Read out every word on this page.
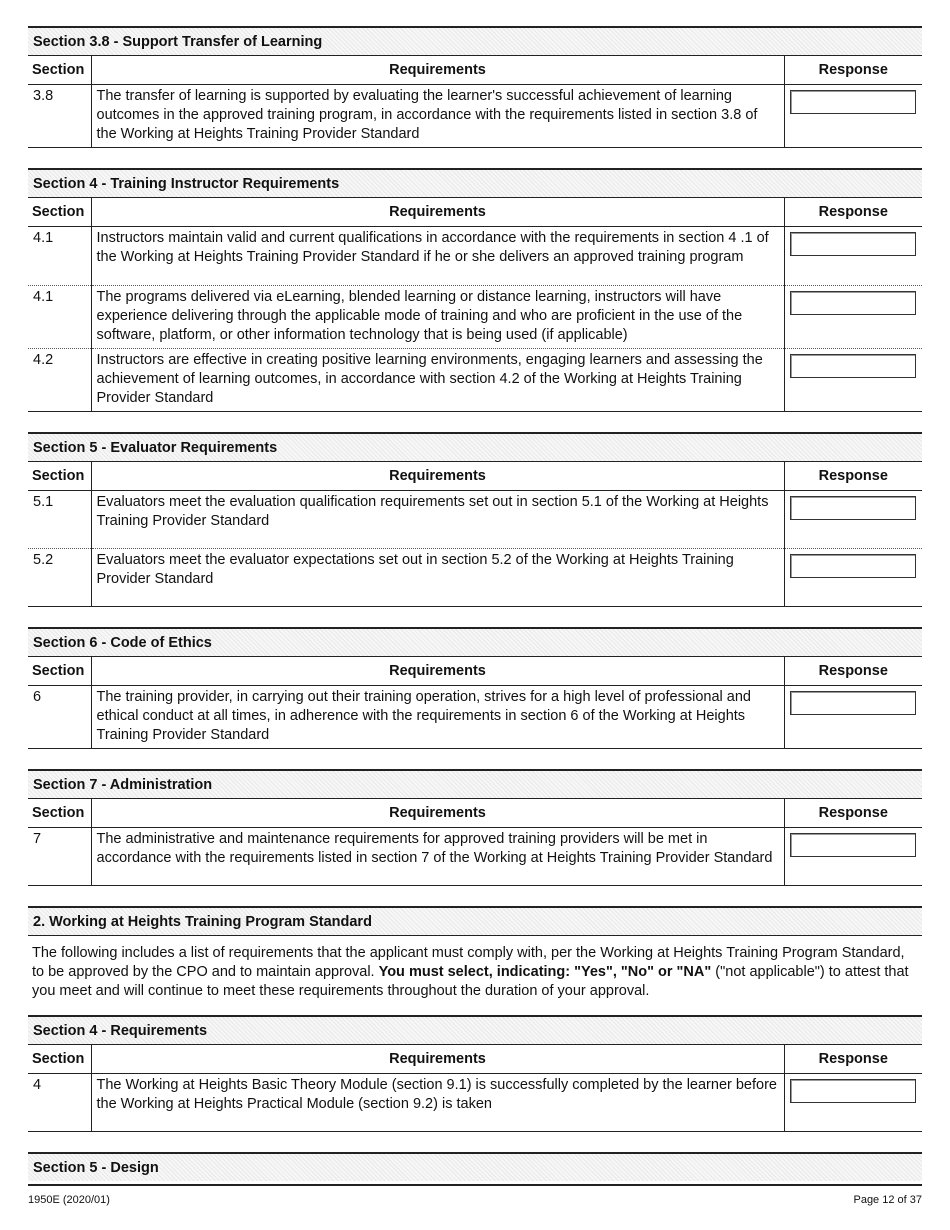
Section 3.8 - Support Transfer of Learning
Section	Requirements	Response
3.8	The transfer of learning is supported by evaluating the learner's successful achievement of learning outcomes in the approved training program, in accordance with the requirements listed in section 3.8 of the Working at Heights Training Provider Standard	
Section 4 - Training Instructor Requirements
Section	Requirements	Response
4.1	Instructors maintain valid and current qualifications in accordance with the requirements in section 4 .1 of the Working at Heights Training Provider Standard if he or she delivers an approved training program	

4.1	The programs delivered via eLearning, blended learning or distance learning, instructors will have experience delivering through the applicable mode of training and who are proficient in the use of the software, platform, or other information technology that is being used (if applicable)	

4.2	Instructors are effective in creating positive learning environments, engaging learners and assessing the achievement of learning outcomes, in accordance with section 4.2 of the Working at Heights Training Provider Standard	
Section 5 - Evaluator Requirements
Section	Requirements	Response
5.1	Evaluators meet the evaluation qualification requirements set out in section 5.1 of the Working at Heights Training Provider Standard	

5.2	Evaluators meet the evaluator expectations set out in section 5.2 of the Working at Heights Training Provider Standard	
Section 6 - Code of Ethics
Section	Requirements	Response
6	The training provider, in carrying out their training operation, strives for a high level of professional and ethical conduct at all times, in adherence with the requirements in section 6 of the Working at Heights Training Provider Standard	
Section 7 - Administration
Section	Requirements	Response
7	The administrative and maintenance requirements for approved training providers will be met in accordance with the requirements listed in section 7 of the Working at Heights Training Provider Standard	
2. Working at Heights Training Program Standard
The following includes a list of requirements that the applicant must comply with, per the Working at Heights Training Program Standard, to be approved by the CPO and to maintain approval. You must select, indicating: "Yes", "No" or "NA" ("not applicable") to attest that you meet and will continue to meet these requirements throughout the duration of your approval.
Section 4 - Requirements
Section	Requirements	Response
4	The Working at Heights Basic Theory Module (section 9.1) is successfully completed by the learner before the Working at Heights Practical Module (section 9.2) is taken	
Section 5 - Design
1950E (2020/01)	Page 12 of 37
